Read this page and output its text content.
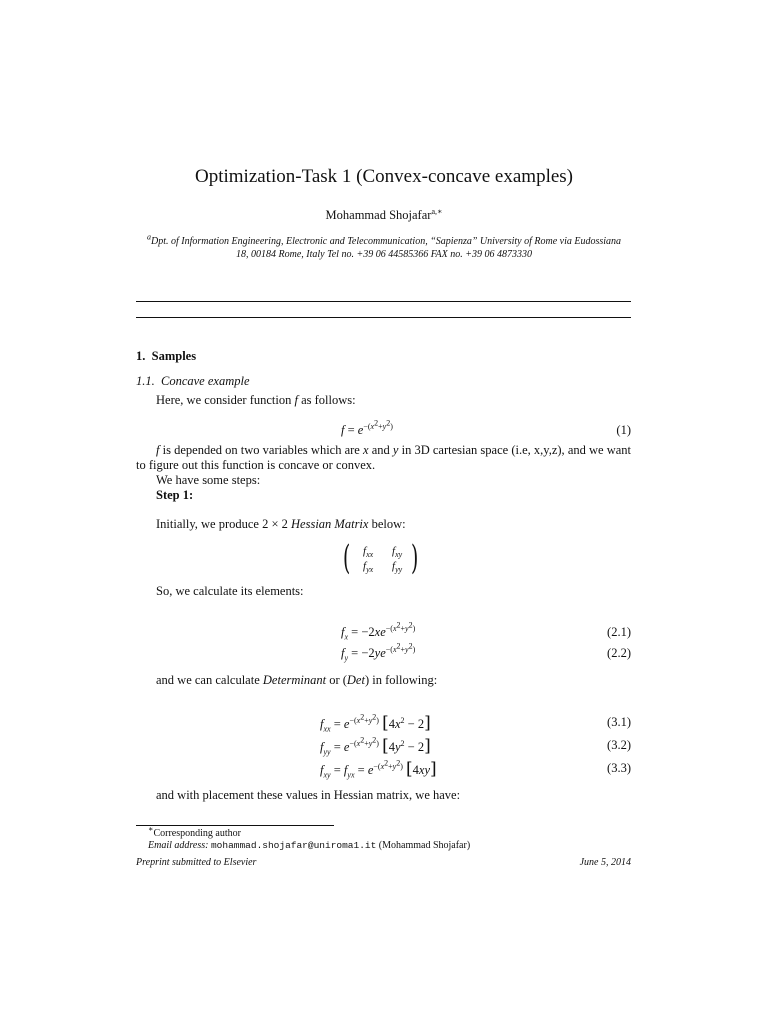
Optimization-Task 1 (Convex-concave examples)
Mohammad Shojafar$^{a,∗}$
$^a$Dpt. of Information Engineering, Electronic and Telecommunication, “Sapienza” University of Rome via Eudossiana
18, 00184 Rome, Italy Tel no. +39 06 44585366 FAX no. +39 06 4873330
1. Samples
1.1. Concave example
Here, we consider function f as follows:
$f = e^{-(x^2+y^2)}$	(1)
f is depended on two variables which are x and y in 3D cartesian space (i.e, x,y,z), and we want to figure out this function is concave or convex.
We have some steps:
Step 1:
Initially, we produce 2 × 2 Hessian Matrix below:
( $f_{xx}$ $f_{xy}$
$f_{yx}$ $f_{yy}$ )
So, we calculate its elements:
$f_x = -2xe^{-(x^2+y^2)}$	(2.1)
$f_y = -2ye^{-(x^2+y^2)}$	(2.2)
and we can calculate Determinant or (Det) in following:
$f_{xx} = e^{-(x^2+y^2)}$ $[4x^2 - 2]$	(3.1)
$f_{yy} = e^{-(x^2+y^2)}$ $[4y^2 - 2]$	(3.2)
$f_{xy} = f_{yx} = e^{-(x^2+y^2)}$ [4xy]	(3.3)
and with placement these values in Hessian matrix, we have:
∗Corresponding author
Email address: mohammad.shojafar@uniroma1.it (Mohammad Shojafar)
Preprint submitted to Elsevier	June 5, 2014
